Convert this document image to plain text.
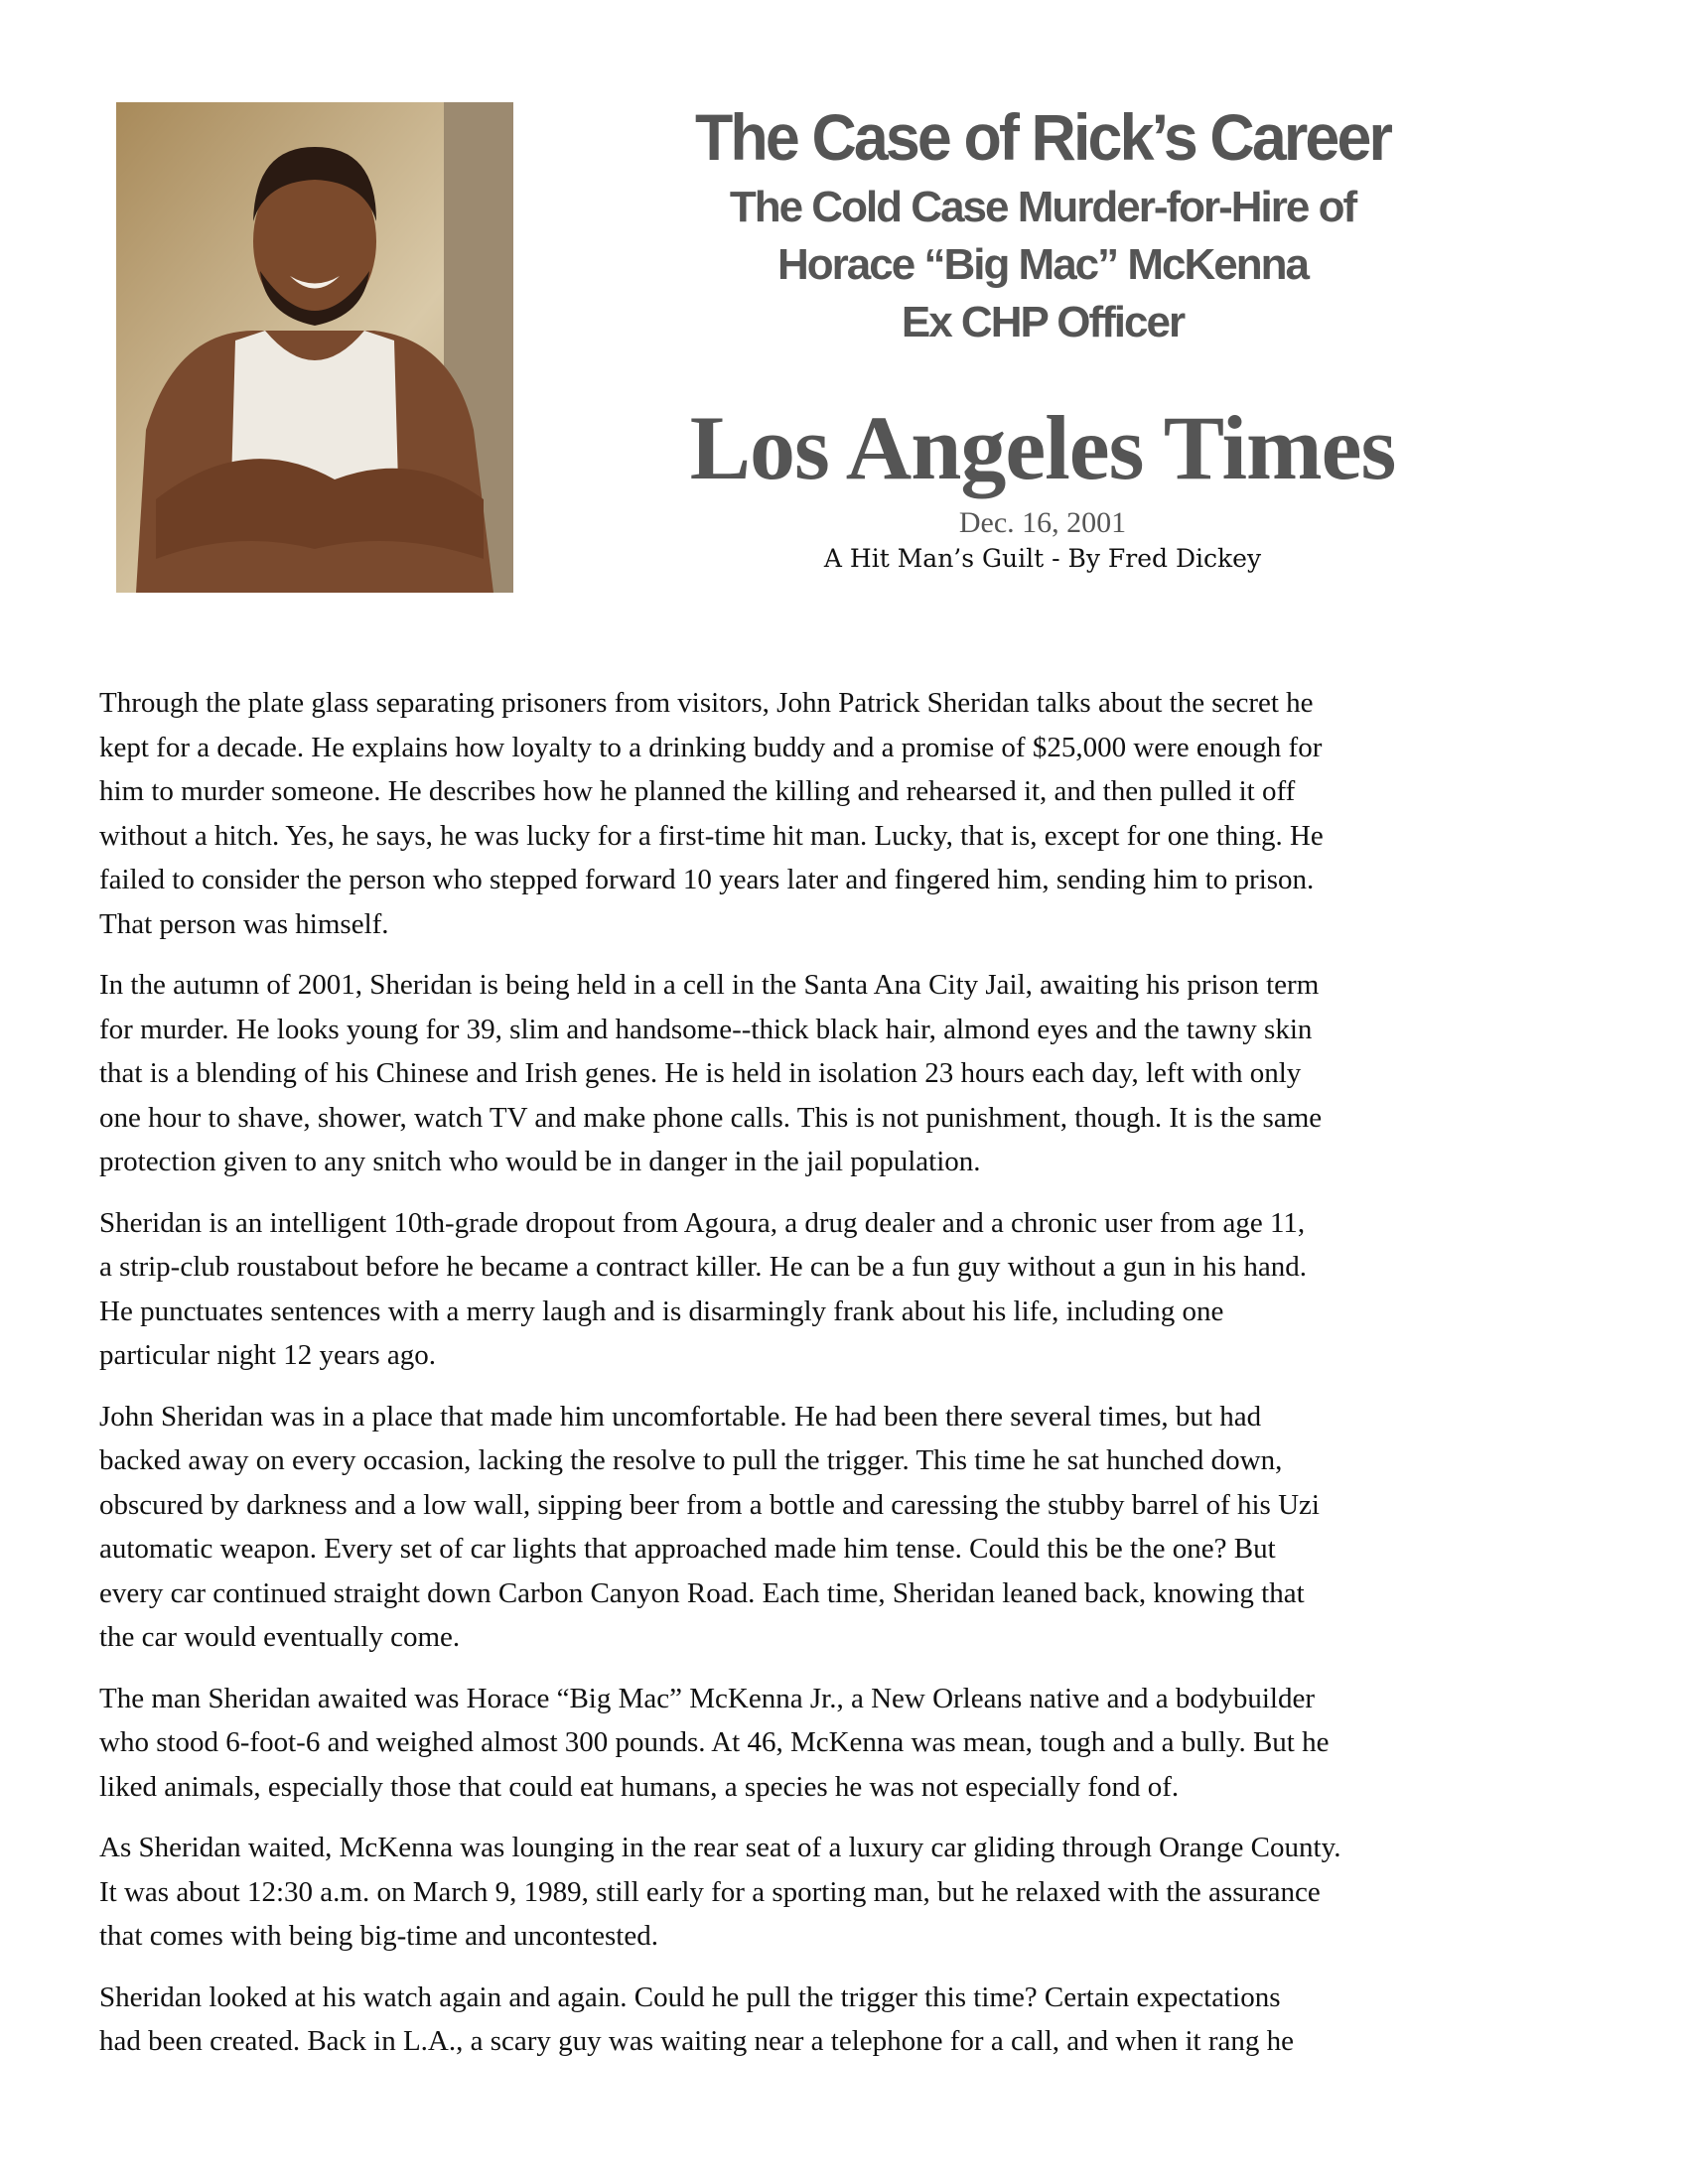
The Case of Rick’s Career
The Cold Case Murder-for-Hire of
Horace “Big Mac” McKenna
Ex CHP Officer
Los Angeles Times
Dec. 16, 2001
A Hit Man’s Guilt - By Fred Dickey
Through the plate glass separating prisoners from visitors, John Patrick Sheridan talks about the secret he
kept for a decade. He explains how loyalty to a drinking buddy and a promise of $25,000 were enough for
him to murder someone. He describes how he planned the killing and rehearsed it, and then pulled it off
without a hitch. Yes, he says, he was lucky for a first-time hit man. Lucky, that is, except for one thing. He
failed to consider the person who stepped forward 10 years later and fingered him, sending him to prison.
That person was himself.
In the autumn of 2001, Sheridan is being held in a cell in the Santa Ana City Jail, awaiting his prison term
for murder. He looks young for 39, slim and handsome--thick black hair, almond eyes and the tawny skin
that is a blending of his Chinese and Irish genes. He is held in isolation 23 hours each day, left with only
one hour to shave, shower, watch TV and make phone calls. This is not punishment, though. It is the same
protection given to any snitch who would be in danger in the jail population.
Sheridan is an intelligent 10th-grade dropout from Agoura, a drug dealer and a chronic user from age 11,
a strip-club roustabout before he became a contract killer. He can be a fun guy without a gun in his hand.
He punctuates sentences with a merry laugh and is disarmingly frank about his life, including one
particular night 12 years ago.
John Sheridan was in a place that made him uncomfortable. He had been there several times, but had
backed away on every occasion, lacking the resolve to pull the trigger. This time he sat hunched down,
obscured by darkness and a low wall, sipping beer from a bottle and caressing the stubby barrel of his Uzi
automatic weapon. Every set of car lights that approached made him tense. Could this be the one? But
every car continued straight down Carbon Canyon Road. Each time, Sheridan leaned back, knowing that
the car would eventually come.
The man Sheridan awaited was Horace “Big Mac” McKenna Jr., a New Orleans native and a bodybuilder
who stood 6-foot-6 and weighed almost 300 pounds. At 46, McKenna was mean, tough and a bully. But he
liked animals, especially those that could eat humans, a species he was not especially fond of.
As Sheridan waited, McKenna was lounging in the rear seat of a luxury car gliding through Orange County.
It was about 12:30 a.m. on March 9, 1989, still early for a sporting man, but he relaxed with the assurance
that comes with being big-time and uncontested.
Sheridan looked at his watch again and again. Could he pull the trigger this time? Certain expectations
had been created. Back in L.A., a scary guy was waiting near a telephone for a call, and when it rang he
